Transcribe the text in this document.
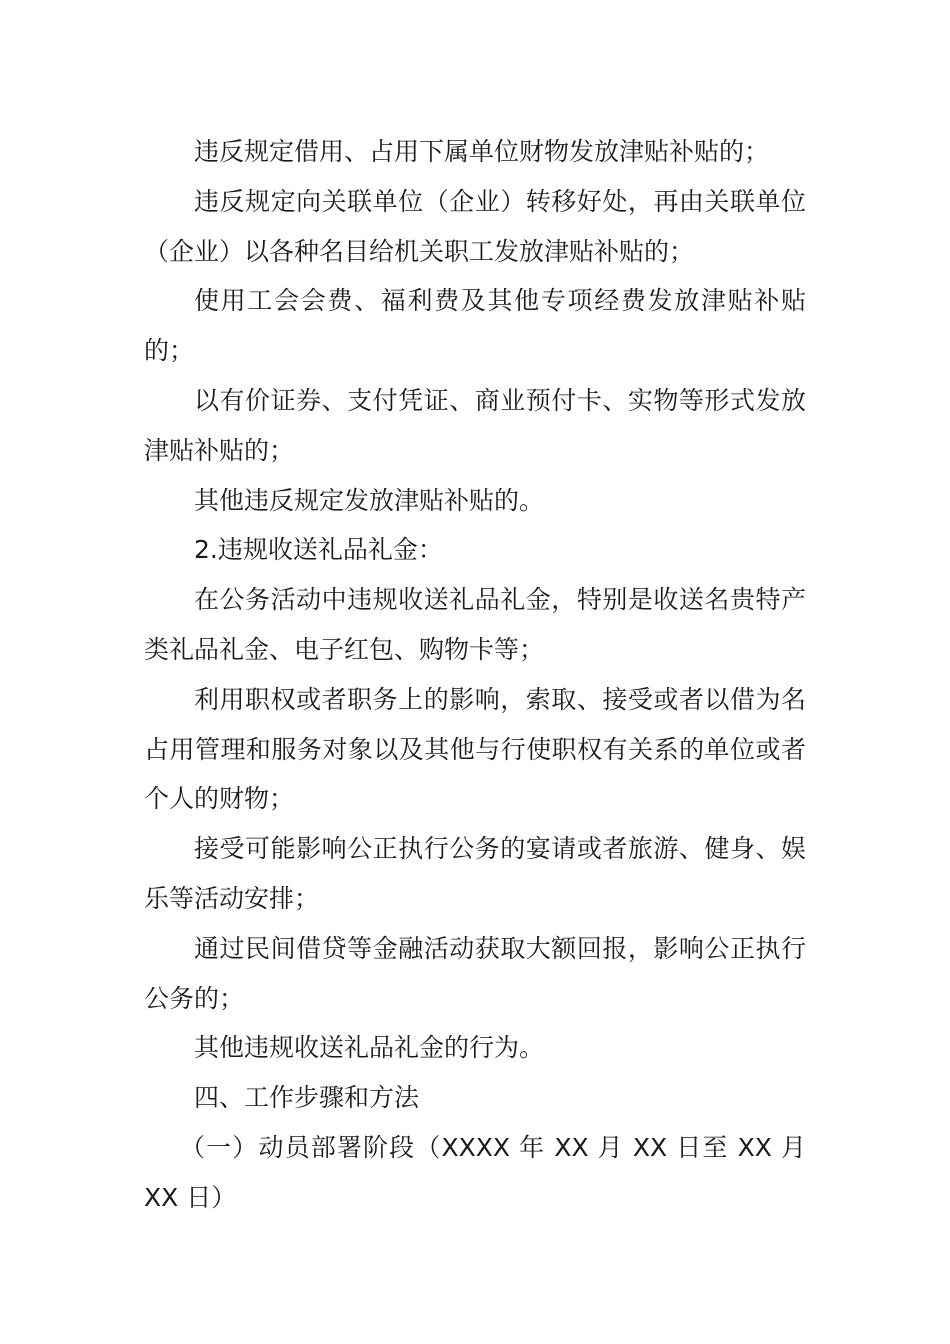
违反规定借用、占用下属单位财物发放津贴补贴的；

违反规定向关联单位（企业）转移好处，再由关联单位（企业）以各种名目给机关职工发放津贴补贴的；

使用工会会费、福利费及其他专项经费发放津贴补贴的；

以有价证券、支付凭证、商业预付卡、实物等形式发放津贴补贴的；

其他违反规定发放津贴补贴的。

2.违规收送礼品礼金：

在公务活动中违规收送礼品礼金，特别是收送名贵特产类礼品礼金、电子红包、购物卡等；

利用职权或者职务上的影响，索取、接受或者以借为名占用管理和服务对象以及其他与行使职权有关系的单位或者个人的财物；

接受可能影响公正执行公务的宴请或者旅游、健身、娱乐等活动安排；

通过民间借贷等金融活动获取大额回报，影响公正执行公务的；

其他违规收送礼品礼金的行为。

四、工作步骤和方法

（一）动员部署阶段（XXXX 年 XX 月 XX 日至 XX 月 XX 日）
